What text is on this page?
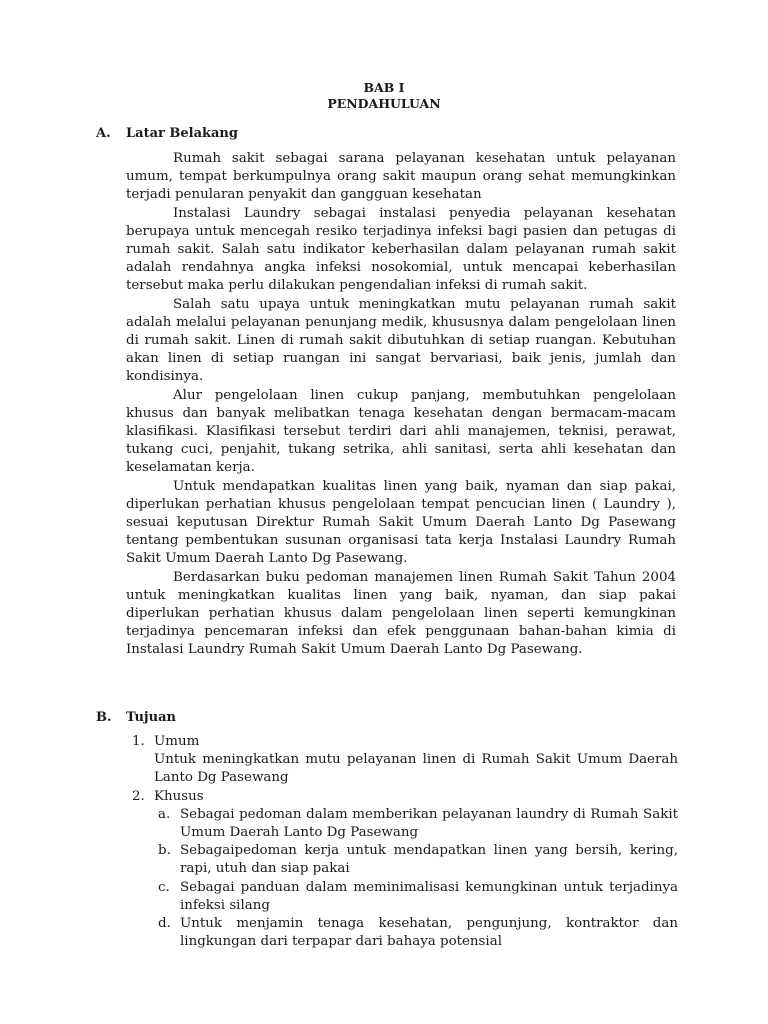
BAB I
PENDAHULUAN
A. Latar Belakang

Rumah sakit sebagai sarana pelayanan kesehatan untuk pelayanan umum, tempat berkumpulnya orang sakit maupun orang sehat memungkinkan terjadi penularan penyakit dan gangguan kesehatan

Instalasi Laundry sebagai instalasi penyedia pelayanan kesehatan berupaya untuk mencegah resiko terjadinya infeksi bagi pasien dan petugas di rumah sakit. Salah satu indikator keberhasilan dalam pelayanan rumah sakit adalah rendahnya angka infeksi nosokomial, untuk mencapai keberhasilan tersebut maka perlu dilakukan pengendalian infeksi di rumah sakit.

Salah satu upaya untuk meningkatkan mutu pelayanan rumah sakit adalah melalui pelayanan penunjang medik, khususnya dalam pengelolaan linen di rumah sakit. Linen di rumah sakit dibutuhkan di setiap ruangan. Kebutuhan akan linen di setiap ruangan ini sangat bervariasi, baik jenis, jumlah dan kondisinya.

Alur pengelolaan linen cukup panjang, membutuhkan pengelolaan khusus dan banyak melibatkan tenaga kesehatan dengan bermacam-macam klasifikasi. Klasifikasi tersebut terdiri dari ahli manajemen, teknisi, perawat, tukang cuci, penjahit, tukang setrika, ahli sanitasi, serta ahli kesehatan dan keselamatan kerja.

Untuk mendapatkan kualitas linen yang baik, nyaman dan siap pakai, diperlukan perhatian khusus pengelolaan tempat pencucian linen ( Laundry ), sesuai keputusan Direktur Rumah Sakit Umum Daerah Lanto Dg Pasewang tentang pembentukan susunan organisasi tata kerja Instalasi Laundry Rumah Sakit Umum Daerah Lanto Dg Pasewang.

Berdasarkan buku pedoman manajemen linen Rumah Sakit Tahun 2004 untuk meningkatkan kualitas linen yang baik, nyaman, dan siap pakai diperlukan perhatian khusus dalam pengelolaan linen seperti kemungkinan terjadinya pencemaran infeksi dan efek penggunaan bahan-bahan kimia di Instalasi Laundry Rumah Sakit Umum Daerah Lanto Dg Pasewang.

B. Tujuan
1. Umum
Untuk meningkatkan mutu pelayanan linen di Rumah Sakit Umum Daerah Lanto Dg Pasewang
2. Khusus
a. Sebagai pedoman dalam memberikan pelayanan laundry di Rumah Sakit Umum Daerah Lanto Dg Pasewang
b. Sebagaipedoman kerja untuk mendapatkan linen yang bersih, kering, rapi, utuh dan siap pakai
c. Sebagai panduan dalam meminimalisasi kemungkinan untuk terjadinya infeksi silang
d. Untuk menjamin tenaga kesehatan, pengunjung, kontraktor dan lingkungan dari terpapar dari bahaya potensial
